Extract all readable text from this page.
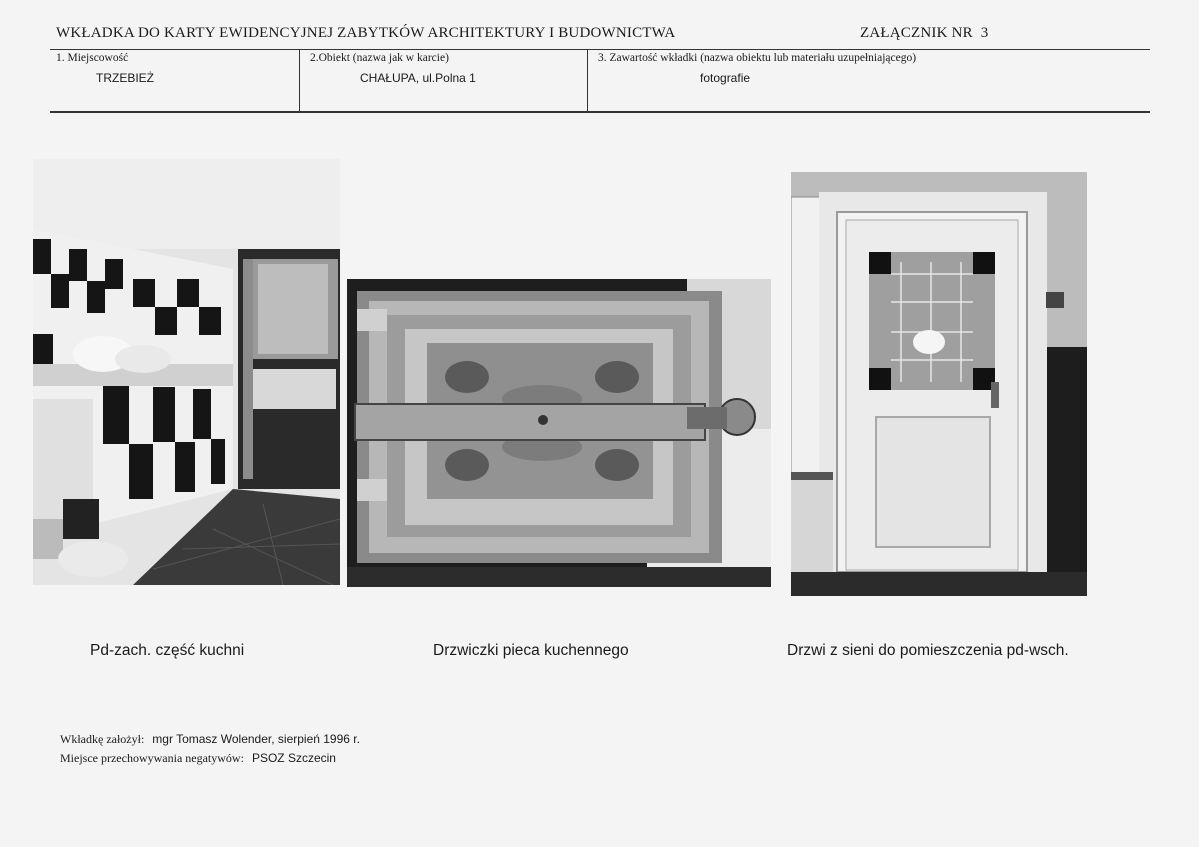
WKŁADKA DO KARTY EWIDENCYJNEJ ZABYTKÓW ARCHITEKTURY I BUDOWNICTWA	ZAŁĄCZNIK NR 3
1. Miejscowość
TRZEBIEŻ
2.Obiekt (nazwa jak w karcie)
CHAŁUPA, ul.Polna 1
3. Zawartość wkładki (nazwa obiektu lub materiału uzupełniającego)
fotografie
Pd-zach. część kuchni	Drzwiczki pieca kuchennego	Drzwi z sieni do pomieszczenia pd-wsch.
Wkładkę założył: mgr Tomasz Wolender, sierpień 1996 r.
Miejsce przechowywania negatywów: PSOZ Szczecin
